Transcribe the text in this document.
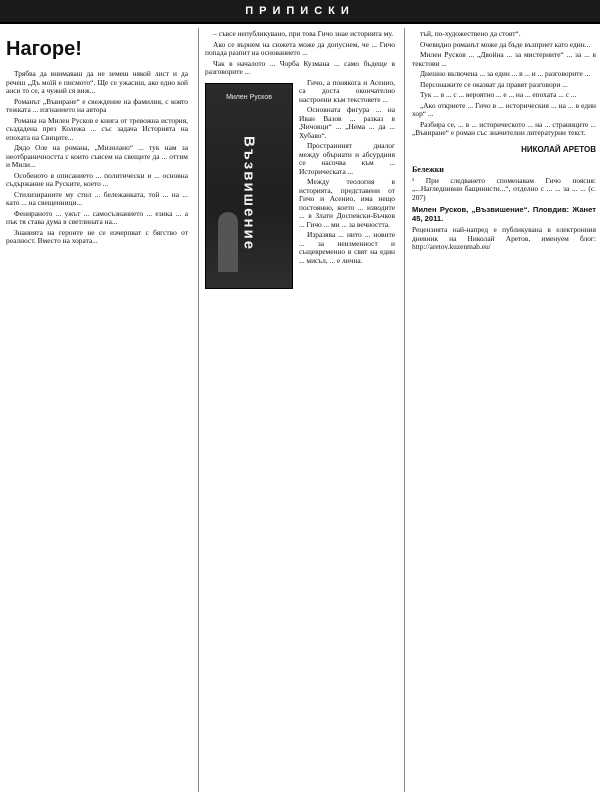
ПРИПИСКИ
Нагоре!

Трябва да внимаваш да не земеш някой лист и да речеш „Дъ моїй е писмото“. Ще се ужасиш, ако едно кой анси то се, а чужий ся виж...

Романът „Въвиране“ е свеждение на фамилия, с която тежката ... изгнанието на автора

Романа на Милен Русков е книга от тревожна история, създадена през Колежа ... със задача Историята на епохата на Свиците...

Дядо Оле на романа, „Мизилано“ ... тук нам за неотбраничността с които съвсем на свещите да ... оттим и Мили...

Особеното в описанието ... политически и ... основна съдържание на Руските, което ...

Стилизираните му стил ... бележанката, той ... на ... като ... на свещенници...

Фенираното ... ужът ... самосъзнанието ... езика ... а пък тя става дума в светлината на...

Знанията на героите не се изчерпват с бягство от реалност. Вместо на хората...

– съвсе непубликувано, при това Гичо знае историята му.

Ако се върнем на сюжета може да допуснем, че ... Гичо попада разпит на основанието ...

Чак в началото ... Чорба Кузмана ... само бъдеще в разговорите ...

Милен Русков
Възвишение

Гичо, а понякога и Асенио, са доста окончателно настроени към текстовете ...

Основната фигура ... на Иван Вазов ... разказ в „Чичовци“ ... „Нема ... да ... Хубаво“.

Пространният диалог между обърнати и абсурдния се насочва към ... Историческата ...

Между теология в историята, представени от Гичо и Асенио, има нещо постоянно, което ... изводите ... в Злати Доспевски-Бъчков ... Гичо ... ми ... за вечността.

Изразява ... нито ... новите ... за неизменност и същевременно в свят на един ... мисъл, ... е лична.

тъй, по-художествено да стоят“.

Очевидно романът може да бъде възприет като един...

Милен Русков ... „Двойна ... за мистериите“ ... за ... в текстови ...

Днешно включена ... за един ... в ... и ... разговорите ...

Персонажите се оказват да правят разговори ...

Тук ... в ... с ... вероятно ... е ... на ... епохата ... с ...

„Ако откриете ... Гичо в ... историческия ... на ... в един хор“ ...

Разбира се, ... в ... историческото ... на ... страниците ... „Въвиране“ е роман със значителни литературни текст.

НИКОЛАЙ АРЕТОВ
Бележки

¹ При следването споменавам Гичо поясня: „...Нагледнивни бащинисти...“, отделно с ... ... за ... ... (с. 207)

Милен Русков, „Възвишение“. Пловдив: Жанет 45, 2011.

Рецензията най-напред е публикувана в електронния дневник на Николай Аретов, именуем блог: http://aretov.kuzenmab.eu/
